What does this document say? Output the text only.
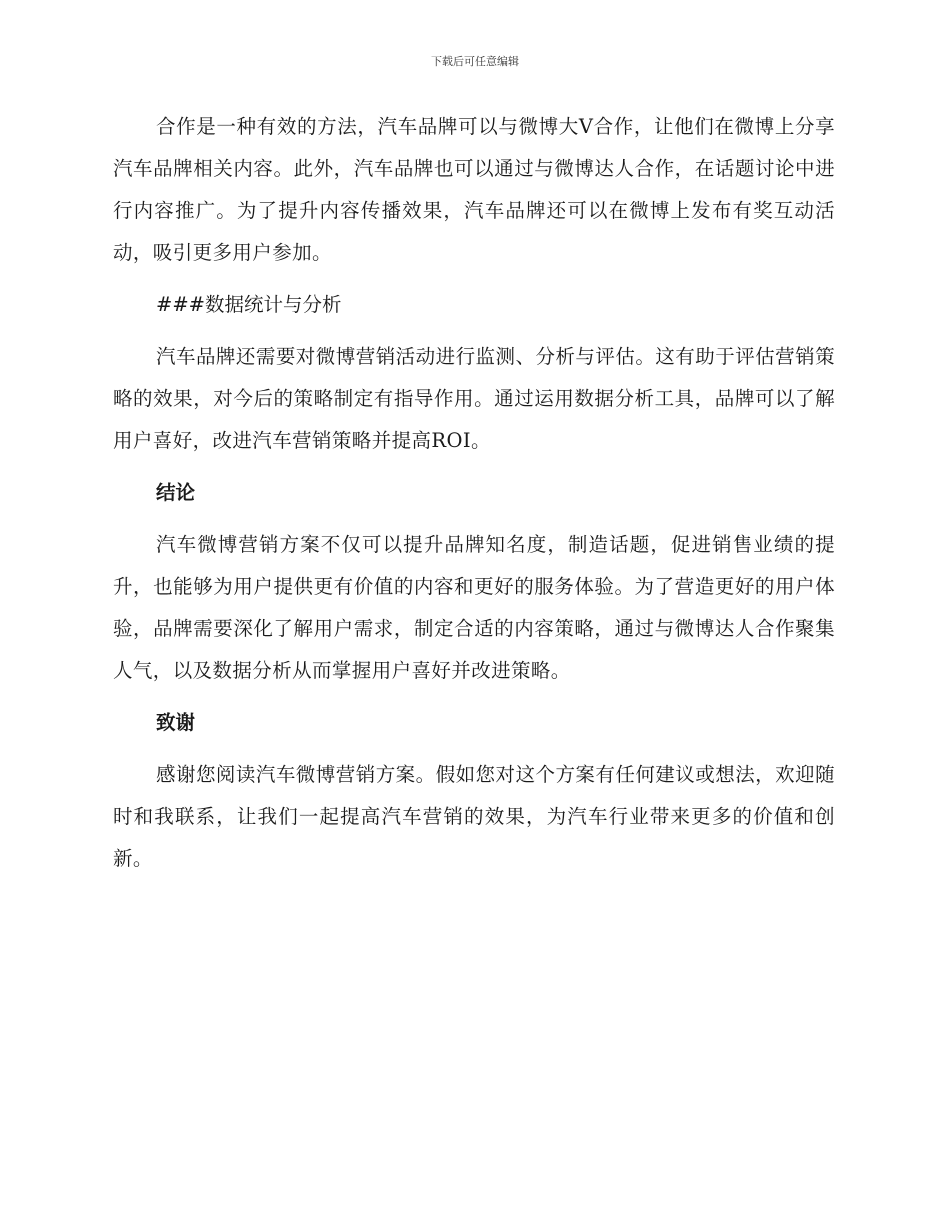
下载后可任意编辑

合作是一种有效的方法，汽车品牌可以与微博大V合作，让他们在微博上分享汽车品牌相关内容。此外，汽车品牌也可以通过与微博达人合作，在话题讨论中进行内容推广。为了提升内容传播效果，汽车品牌还可以在微博上发布有奖互动活动，吸引更多用户参加。

###数据统计与分析

汽车品牌还需要对微博营销活动进行监测、分析与评估。这有助于评估营销策略的效果，对今后的策略制定有指导作用。通过运用数据分析工具，品牌可以了解用户喜好，改进汽车营销策略并提高ROI。

结论

汽车微博营销方案不仅可以提升品牌知名度，制造话题，促进销售业绩的提升，也能够为用户提供更有价值的内容和更好的服务体验。为了营造更好的用户体验，品牌需要深化了解用户需求，制定合适的内容策略，通过与微博达人合作聚集人气，以及数据分析从而掌握用户喜好并改进策略。

致谢

感谢您阅读汽车微博营销方案。假如您对这个方案有任何建议或想法，欢迎随时和我联系，让我们一起提高汽车营销的效果，为汽车行业带来更多的价值和创新。
